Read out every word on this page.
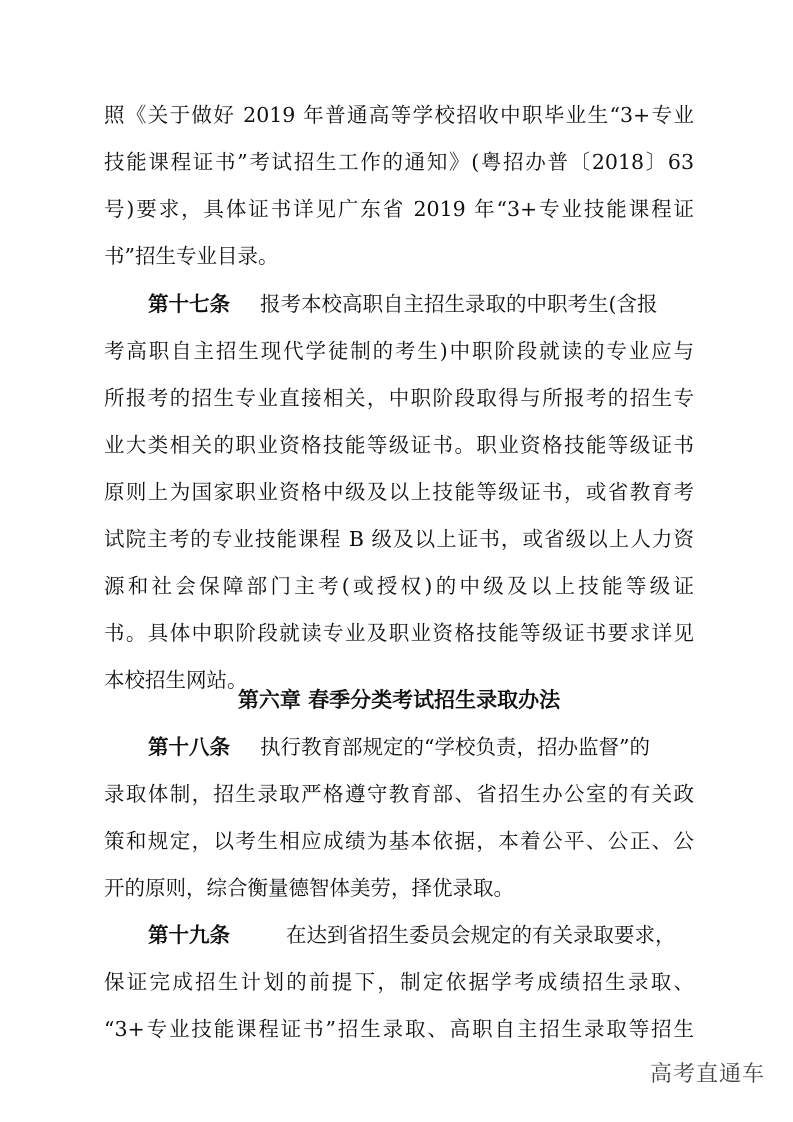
照《关于做好 2019 年普通高等学校招收中职毕业生“3+专业
技能课程证书”考试招生工作的通知》(粤招办普〔2018〕63
号)要求，具体证书详见广东省 2019 年“3+专业技能课程证
书”招生专业目录。
第十七条 报考本校高职自主招生录取的中职考生(含报
考高职自主招生现代学徒制的考生)中职阶段就读的专业应与
所报考的招生专业直接相关，中职阶段取得与所报考的招生专
业大类相关的职业资格技能等级证书。职业资格技能等级证书
原则上为国家职业资格中级及以上技能等级证书，或省教育考
试院主考的专业技能课程 B 级及以上证书，或省级以上人力资
源和社会保障部门主考(或授权)的中级及以上技能等级证
书。具体中职阶段就读专业及职业资格技能等级证书要求详见
本校招生网站。
第六章 春季分类考试招生录取办法
第十八条 执行教育部规定的“学校负责，招办监督”的
录取体制，招生录取严格遵守教育部、省招生办公室的有关政
策和规定，以考生相应成绩为基本依据，本着公平、公正、公
开的原则，综合衡量德智体美劳，择优录取。
第十九条	在达到省招生委员会规定的有关录取要求，
保证完成招生计划的前提下，制定依据学考成绩招生录取、
“3+专业技能课程证书”招生录取、高职自主招生录取等招生
高考直通车
